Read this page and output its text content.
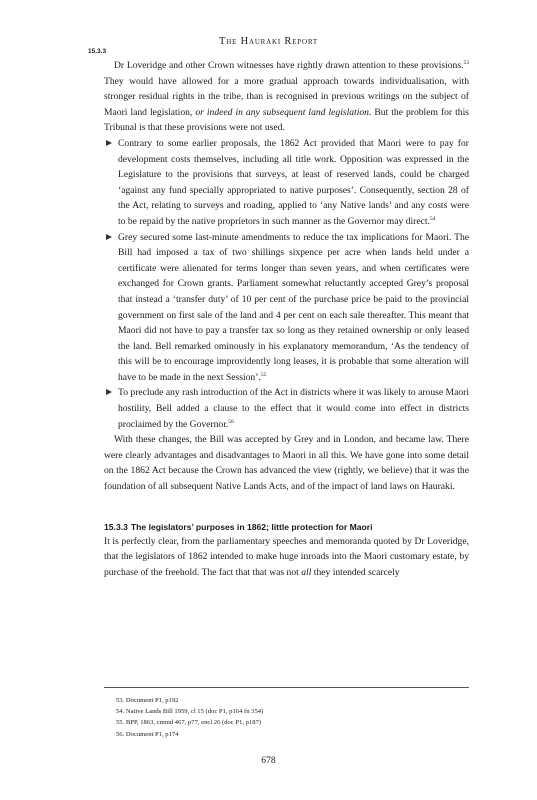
The Hauraki Report
15.3.3

Dr Loveridge and other Crown witnesses have rightly drawn attention to these provisions.$^{53}$ They would have allowed for a more gradual approach towards individualisation, with stronger residual rights in the tribe, than is recognised in previous writings on the subject of Maori land legislation, or indeed in any subsequent land legislation. But the problem for this Tribunal is that these provisions were not used.

Contrary to some earlier proposals, the 1862 Act provided that Maori were to pay for development costs themselves, including all title work. Opposition was expressed in the Legislature to the provisions that surveys, at least of reserved lands, could be charged ‘against any fund specially appropriated to native purposes’. Consequently, section 28 of the Act, relating to surveys and roading, applied to ‘any Native lands’ and any costs were to be repaid by the native proprietors in such manner as the Governor may direct.$^{54}$
Grey secured some last-minute amendments to reduce the tax implications for Maori. The Bill had imposed a tax of two shillings sixpence per acre when lands held under a certificate were alienated for terms longer than seven years, and when certificates were exchanged for Crown grants. Parliament somewhat reluctantly accepted Grey’s proposal that instead a ‘transfer duty’ of 10 per cent of the purchase price be paid to the provincial government on first sale of the land and 4 per cent on each sale thereafter. This meant that Maori did not have to pay a transfer tax so long as they retained ownership or only leased the land. Bell remarked ominously in his explanatory memorandum, ‘As the tendency of this will be to encourage improvidently long leases, it is probable that some alteration will have to be made in the next Session’.$^{55}$
To preclude any rash introduction of the Act in districts where it was likely to arouse Maori hostility, Bell added a clause to the effect that it would come into effect in districts proclaimed by the Governor.$^{56}$

With these changes, the Bill was accepted by Grey and in London, and became law. There were clearly advantages and disadvantages to Maori in all this. We have gone into some detail on the 1862 Act because the Crown has advanced the view (rightly, we believe) that it was the foundation of all subsequent Native Lands Acts, and of the impact of land laws on Hauraki.

15.3.3 The legislators’ purposes in 1862; little protection for Maori

It is perfectly clear, from the parliamentary speeches and memoranda quoted by Dr Loveridge, that the legislators of 1862 intended to make huge inroads into the Maori customary estate, by purchase of the freehold. The fact that that was not all they intended scarcely

53. Document P1, p192
54. Native Lands Bill 1959, cl 15 (doc P1, p164 fn 354)
55. BPP, 1863, cmmd 467, p77, encl 26 (doc P1, p187)
56. Document P1, p174
678
